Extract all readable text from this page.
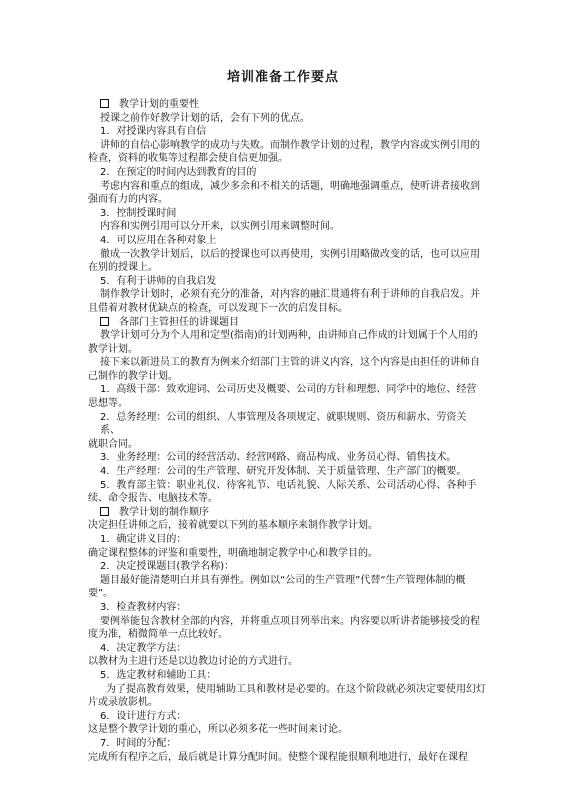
培训准备工作要点

教学计划的重要性

授课之前作好教学计划的话，会有下列的优点。

1．对授课内容具有自信

讲师的自信心影响教学的成功与失败。而制作教学计划的过程，教学内容或实例引用的

检查，资料的收集等过程都会使自信更加强。

2．在预定的时间内达到教育的目的

考虑内容和重点的组成，减少多余和不相关的话题，明确地强调重点，使听讲者接收到

强而有力的内容。

3．控制授课时间

内容和实例引用可以分开来，以实例引用来调整时间。

4．可以应用在各种对象上

徹成一次教学计划后，以后的授课也可以再使用，实例引用略做改变的话，也可以应用

在别的授课上。

5．有利于讲师的自我启发

制作教学计划时，必须有充分的准备，对内容的融汇贯通将有利于讲师的自我启发。并

且借着对教材优缺点的检查，可以发现下一次的启发目标。

各部门主管担任的讲课题目

教学计划可分为个人用和定型(指南)的计划两种，由讲师自己作成的计划属于个人用的

教学计划。

接下来以新进员工的教育为例来介绍部门主管的讲义内容，这个内容是由担任的讲师自

己制作的教学计划。

1．高级干部：致欢迎词、公司历史及概要、公司的方针和理想、同学中的地位、经营

思想等。

2．总务经理：公司的组织、人事管理及各项规定、就职规则、资历和薪水、劳资关系、

就职合同。

3．业务经理：公司的经营活动、经营网路、商品构成、业务员心得、销售技术。

4．生产经理：公司的生产管理、研究开发体制、关于质量管理、生产部门的概要。

5．教育部主管：职业礼仪、待客礼节、电话礼貌、人际关系、公司活动心得、各种手

续、命令报告、电脑技术等。

教学计划的制作顺序

决定担任讲师之后，接着就要以下列的基本顺序来制作教学计划。

1．确定讲义目的：

确定课程整体的评鉴和重要性，明确地制定教学中心和教学目的。

2．决定授课题目(教学名称)：

题目最好能清楚明白并具有弹性。例如以“公司的生产管理”代替“生产管理体制的概

要”。

3．检查教材内容：

要例举能包含教材全部的内容，并将重点项目列举出来。内容要以听讲者能够接受的程

度为准，稍微简单一点比较好。

4．决定教学方法：

以教材为主进行还是以边教边讨论的方式进行。

5．选定教材和辅助工具：

为了提高教育效果，使用辅助工具和教材是必要的。在这个阶段就必须决定要使用幻灯

片或录放影机。

6．设计进行方式：

这是整个教学计划的重心，所以必须多花一些时间来讨论。

7．时间的分配：

完成所有程序之后，最后就是计算分配时间。使整个课程能很顺利地进行，最好在课程
